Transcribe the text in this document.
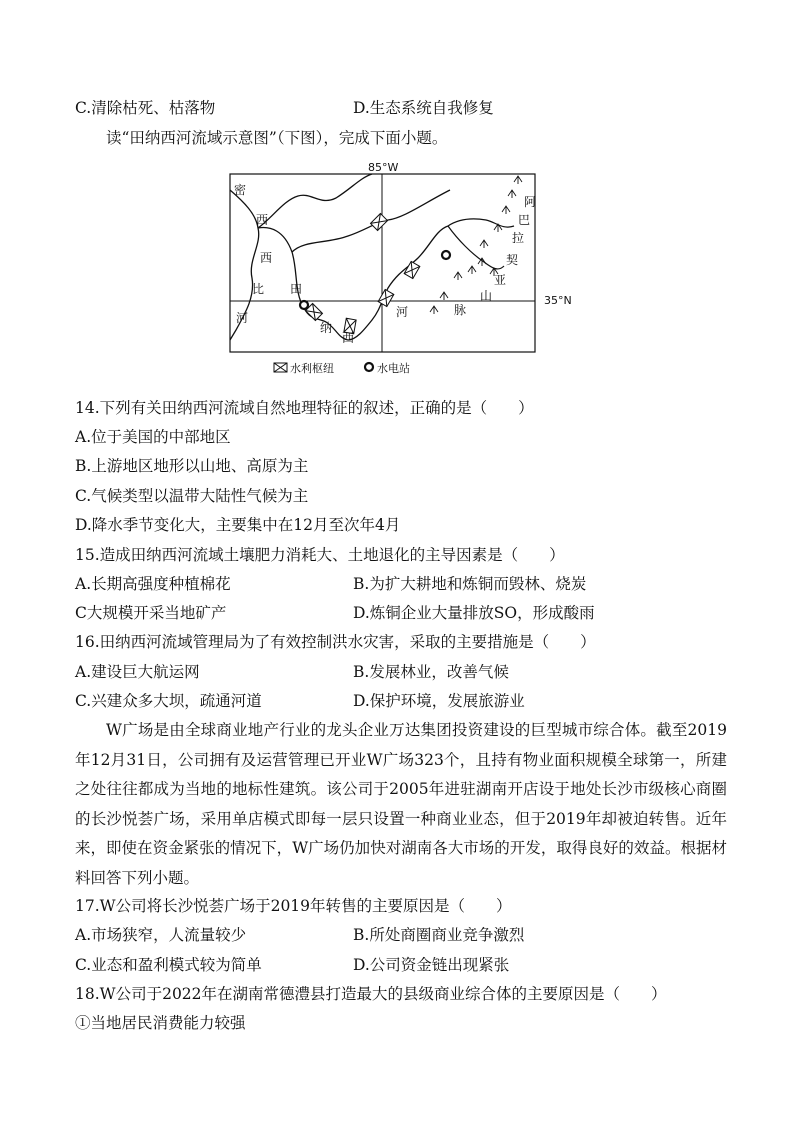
C.清除枯死、枯落物	D.生态系统自我修复
读“田纳西河流域示意图”（下图），完成下面小题。
85°W
35°N
密
西
西
比 田
河
纳
西
河
阿
巴
拉
契
亚
山
脉
水利枢纽	水电站
14.下列有关田纳西河流域自然地理特征的叙述，正确的是（　　）
A.位于美国的中部地区
B.上游地区地形以山地、高原为主
C.气候类型以温带大陆性气候为主
D.降水季节变化大，主要集中在12月至次年4月
15.造成田纳西河流域土壤肥力消耗大、土地退化的主导因素是（　　）
A.长期高强度种植棉花	B.为扩大耕地和炼铜而毁林、烧炭
C大规模开采当地矿产	D.炼铜企业大量排放SO，形成酸雨
16.田纳西河流域管理局为了有效控制洪水灾害，采取的主要措施是（　　）
A.建设巨大航运网	B.发展林业，改善气候
C.兴建众多大坝，疏通河道	D.保护环境，发展旅游业

W广场是由全球商业地产行业的龙头企业万达集团投资建设的巨型城市综合体。截至2019年12月31日，公司拥有及运营管理已开业W广场323个，且持有物业面积规模全球第一，所建之处往往都成为当地的地标性建筑。该公司于2005年进驻湖南开店设于地处长沙市级核心商圈的长沙悦荟广场，采用单店模式即每一层只设置一种商业业态，但于2019年却被迫转售。近年来，即使在资金紧张的情况下，W广场仍加快对湖南各大市场的开发，取得良好的效益。根据材料回答下列小题。

17.W公司将长沙悦荟广场于2019年转售的主要原因是（　　）
A.市场狭窄，人流量较少	B.所处商圈商业竞争激烈
C.业态和盈利模式较为简单	D.公司资金链出现紧张
18.W公司于2022年在湖南常德澧县打造最大的县级商业综合体的主要原因是（　　）
①当地居民消费能力较强
